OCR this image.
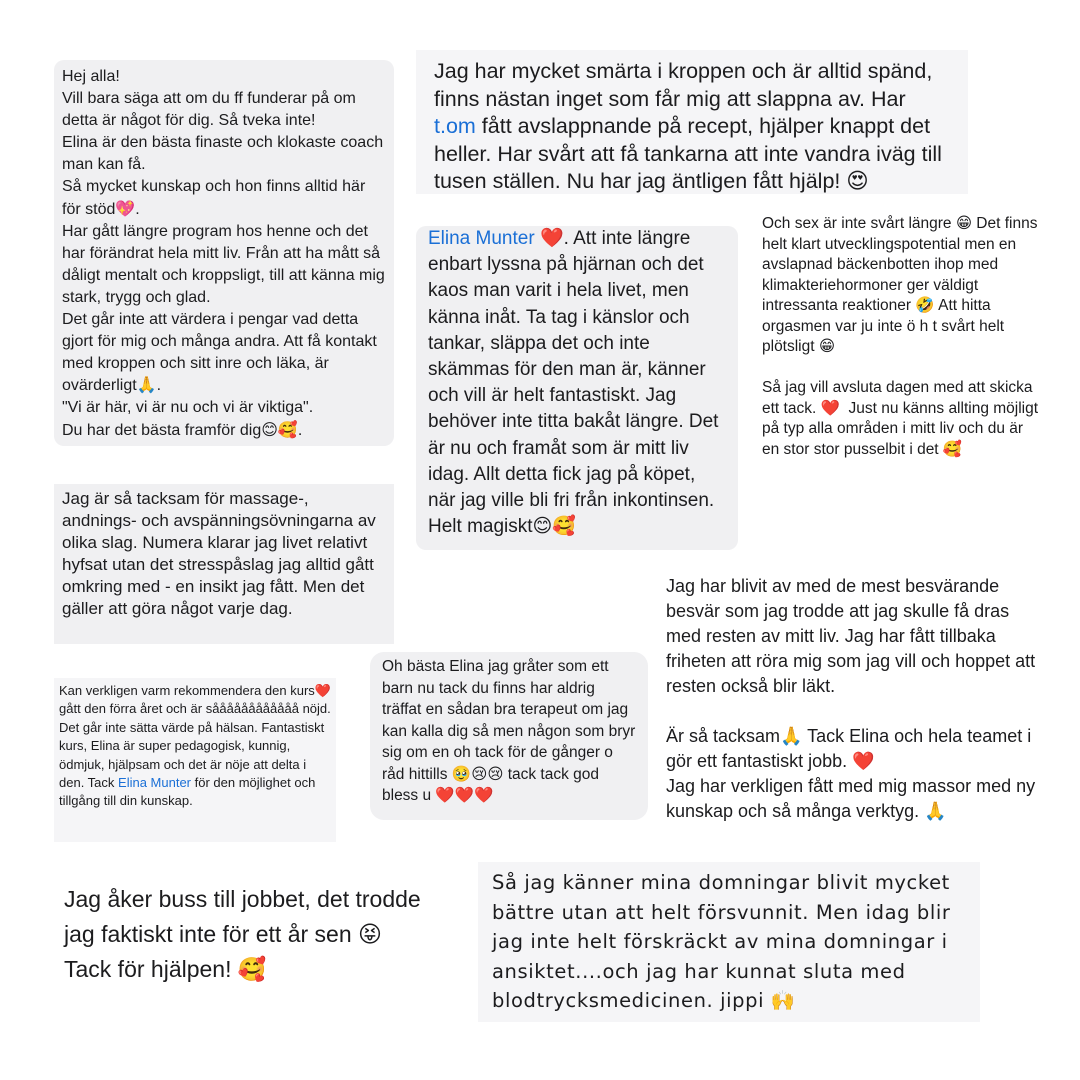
Hej alla!
Vill bara säga att om du ff funderar på om detta är något för dig. Så tveka inte!
Elina är den bästa finaste och klokaste coach man kan få.
Så mycket kunskap och hon finns alltid här för stöd💖.
Har gått längre program hos henne och det har förändrat hela mitt liv. Från att ha mått så dåligt mentalt och kroppsligt, till att känna mig stark, trygg och glad.
Det går inte att värdera i pengar vad detta gjort för mig och många andra. Att få kontakt med kroppen och sitt inre och läka, är ovärderligt🙏.
"Vi är här, vi är nu och vi är viktiga".
Du har det bästa framför dig😊🥰.
Jag har mycket smärta i kroppen och är alltid spänd, finns nästan inget som får mig att slappna av. Har t.om fått avslappnande på recept, hjälper knappt det heller. Har svårt att få tankarna att inte vandra iväg till tusen ställen. Nu har jag äntligen fått hjälp! 😍
Elina Munter ❤️. Att inte längre enbart lyssna på hjärnan och det kaos man varit i hela livet, men känna inåt. Ta tag i känslor och tankar, släppa det och inte skämmas för den man är, känner och vill är helt fantastiskt. Jag behöver inte titta bakåt längre. Det är nu och framåt som är mitt liv idag. Allt detta fick jag på köpet, när jag ville bli fri från inkontinsen. Helt magiskt😊🥰
Och sex är inte svårt längre 😁 Det finns helt klart utvecklingspotential men en avslapnad bäckenbotten ihop med klimakteriehormoner ger väldigt intressanta reaktioner 🤣 Att hitta orgasmen var ju inte ö h t svårt helt plötsligt 😁

Så jag vill avsluta dagen med att skicka ett tack. ❤️  Just nu känns allting möjligt på typ alla områden i mitt liv och du är en stor stor pusselbit i det 🥰
Jag är så tacksam för massage-, andnings- och avspänningsövningarna av olika slag. Numera klarar jag livet relativt hyfsat utan det stresspåslag jag alltid gått omkring med - en insikt jag fått. Men det gäller att göra något varje dag.
Jag har blivit av med de mest besvärande besvär som jag trodde att jag skulle få dras med resten av mitt liv. Jag har fått tillbaka friheten att röra mig som jag vill och hoppet att resten också blir läkt.

Är så tacksam🙏 Tack Elina och hela teamet i gör ett fantastiskt jobb. ❤️
Jag har verkligen fått med mig massor med ny kunskap och så många verktyg. 🙏
Kan verkligen varm rekommendera den kurs❤️gått den förra året och är såååååååååååå nöjd. Det går inte sätta värde på hälsan. Fantastiskt kurs, Elina är super pedagogisk, kunnig, ödmjuk, hjälpsam och det är nöje att delta i den. Tack Elina Munter för den möjlighet och tillgång till din kunskap.
Oh bästa Elina jag gråter som ett barn nu tack du finns har aldrig träffat en sådan bra terapeut om jag kan kalla dig så men någon som bryr sig om en oh tack för de gånger o råd hittills 🥹😢😢 tack tack god bless u ❤️❤️❤️
Jag åker buss till jobbet, det trodde jag faktiskt inte för ett år sen 😝 Tack för hjälpen! 🥰
Så jag känner mina domningar blivit mycket bättre utan att helt försvunnit. Men idag blir jag inte helt förskräckt av mina domningar i ansiktet....och jag har kunnat sluta med blodtrycksmedicinen. jippi 🙌
